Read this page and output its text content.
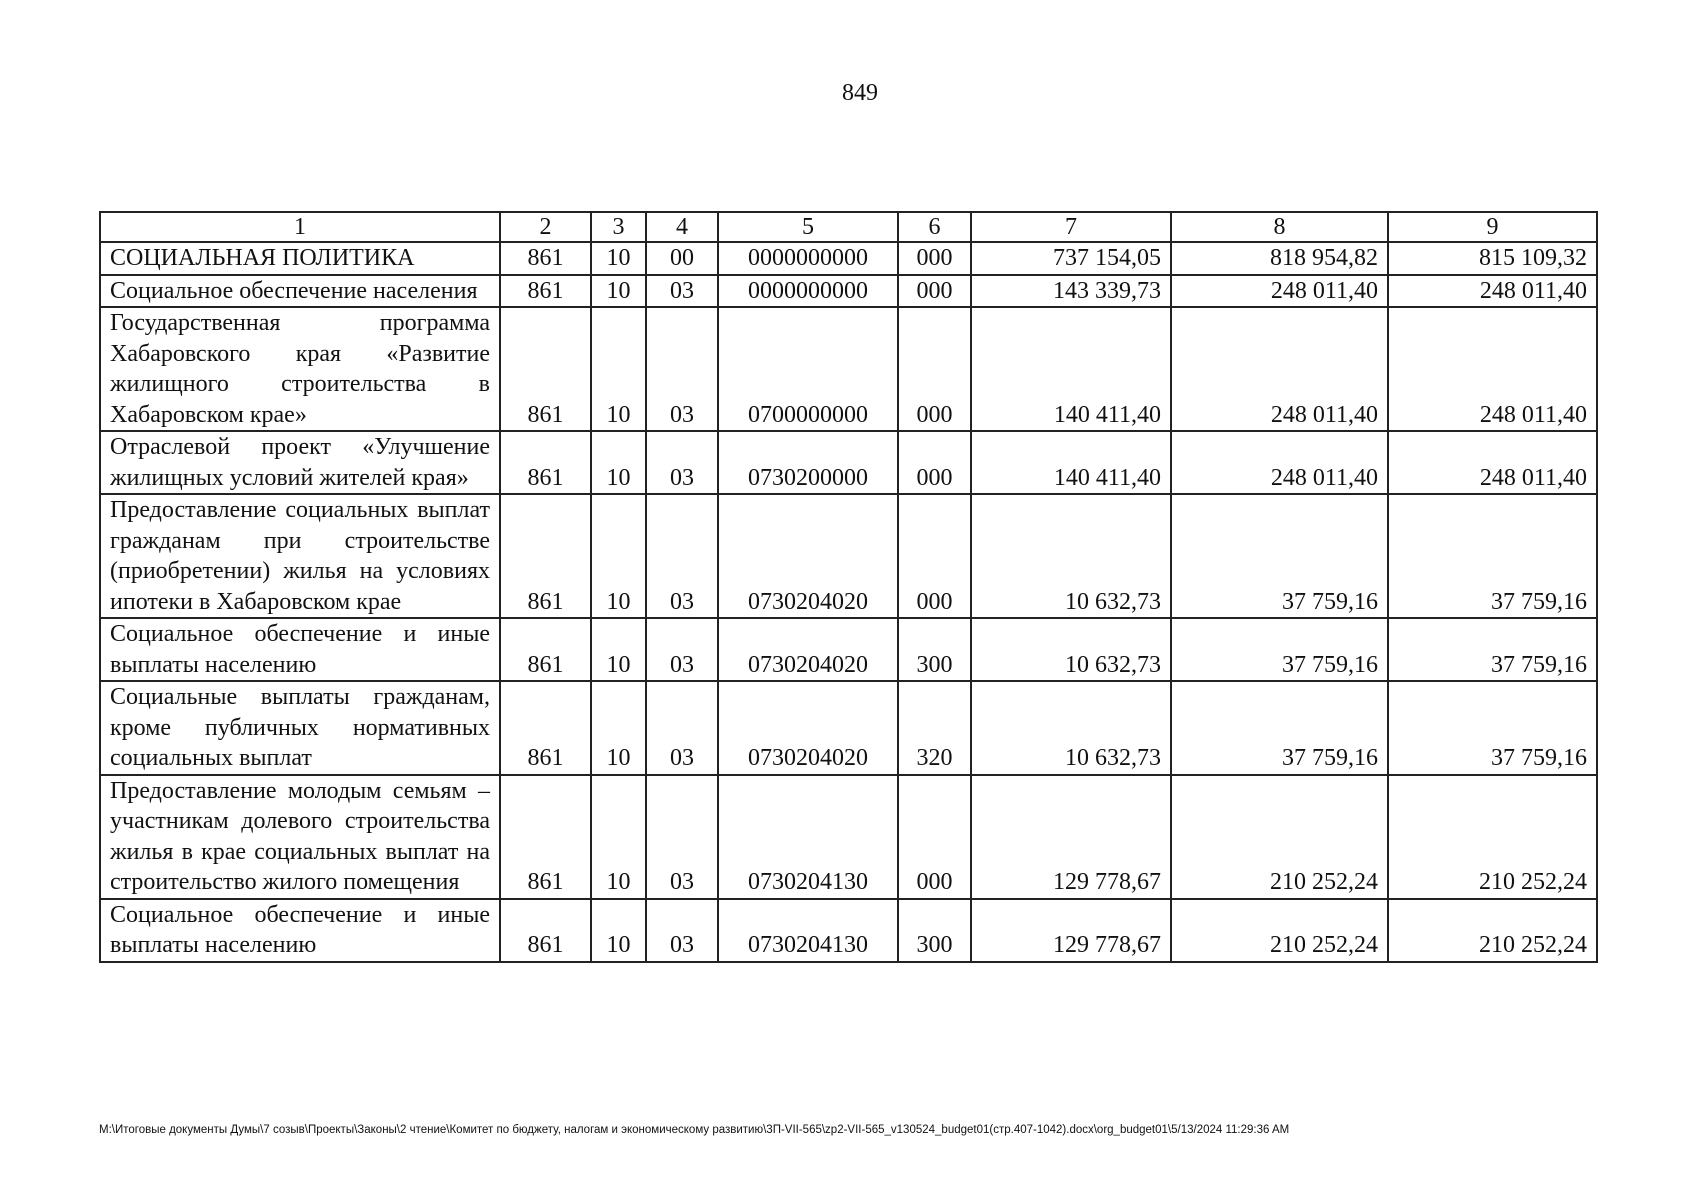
849
1	2	3	4	5	6	7	8	9
СОЦИАЛЬНАЯ ПОЛИТИКА	861	10	00	0000000000	000	737 154,05	818 954,82	815 109,32
Социальное обеспечение населения	861	10	03	0000000000	000	143 339,73	248 011,40	248 011,40
Государственная программа Хабаровского края «Развитие жилищного строительства в Хабаровском крае»	861	10	03	0700000000	000	140 411,40	248 011,40	248 011,40
Отраслевой проект «Улучшение жилищных условий жителей края»	861	10	03	0730200000	000	140 411,40	248 011,40	248 011,40
Предоставление социальных выплат гражданам при строительстве (приобретении) жилья на условиях ипотеки в Хабаровском крае	861	10	03	0730204020	000	10 632,73	37 759,16	37 759,16
Социальное обеспечение и иные выплаты населению	861	10	03	0730204020	300	10 632,73	37 759,16	37 759,16
Социальные выплаты гражданам, кроме публичных нормативных социальных выплат	861	10	03	0730204020	320	10 632,73	37 759,16	37 759,16
Предоставление молодым семьям – участникам долевого строительства жилья в крае социальных выплат на строительство жилого помещения	861	10	03	0730204130	000	129 778,67	210 252,24	210 252,24
Социальное обеспечение и иные выплаты населению	861	10	03	0730204130	300	129 778,67	210 252,24	210 252,24
M:\Итоговые документы Думы\7 созыв\Проекты\Законы\2 чтение\Комитет по бюджету, налогам и экономическому развитию\3П-VII-565\zp2-VII-565_v130524_budget01(стр.407-1042).docx\org_budget01\5/13/2024 11:29:36 AM
